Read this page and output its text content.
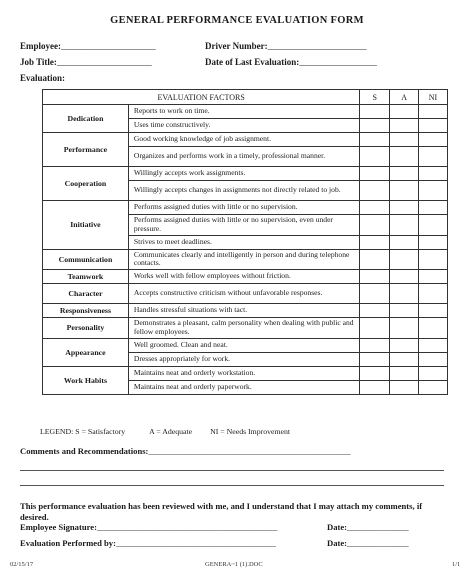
GENERAL PERFORMANCE EVALUATION FORM
Employee:______________________	Driver Number:_______________________
Job Title:______________________	Date of Last Evaluation:__________________
Evaluation:
EVALUATION FACTORS		S	A	NI
Dedication	Reports to work on time.			
	Uses time constructively.			
Performance	Good working knowledge of job assignment.			
	Organizes and performs work in a timely, professional manner.			
Cooperation	Willingly accepts work assignments.			
	Willingly accepts changes in assignments not directly related to job.			
Initiative	Performs assigned duties with little or no supervision.			
	Performs assigned duties with little or no supervision, even under pressure.			
	Strives to meet deadlines.			
Communication	Communicates clearly and intelligently in person and during telephone contacts.			
Teamwork	Works well with fellow employees without friction.			
Character	Accepts constructive criticism without unfavorable responses.			
Responsiveness	Handles stressful situations with tact.			
Personality	Demonstrates a pleasant, calm personality when dealing with public and fellow employees.			
Appearance	Well groomed. Clean and neat.			
	Dresses appropriately for work.			
Work Habits	Maintains neat and orderly workstation.			
	Maintains neat and orderly paperwork.			
LEGEND: S = Satisfactory	A = Adequate NI = Needs Improvement
Comments and Recommendations:_______________________________________________
This performance evaluation has been reviewed with me, and I understand that I may attach my comments, if desired.
Employee Signature:____________________________________________	Date:_______________
Evaluation Performed by:_______________________________________	Date:_______________
02/15/17	GENERA~1 (1).DOC	1/1
